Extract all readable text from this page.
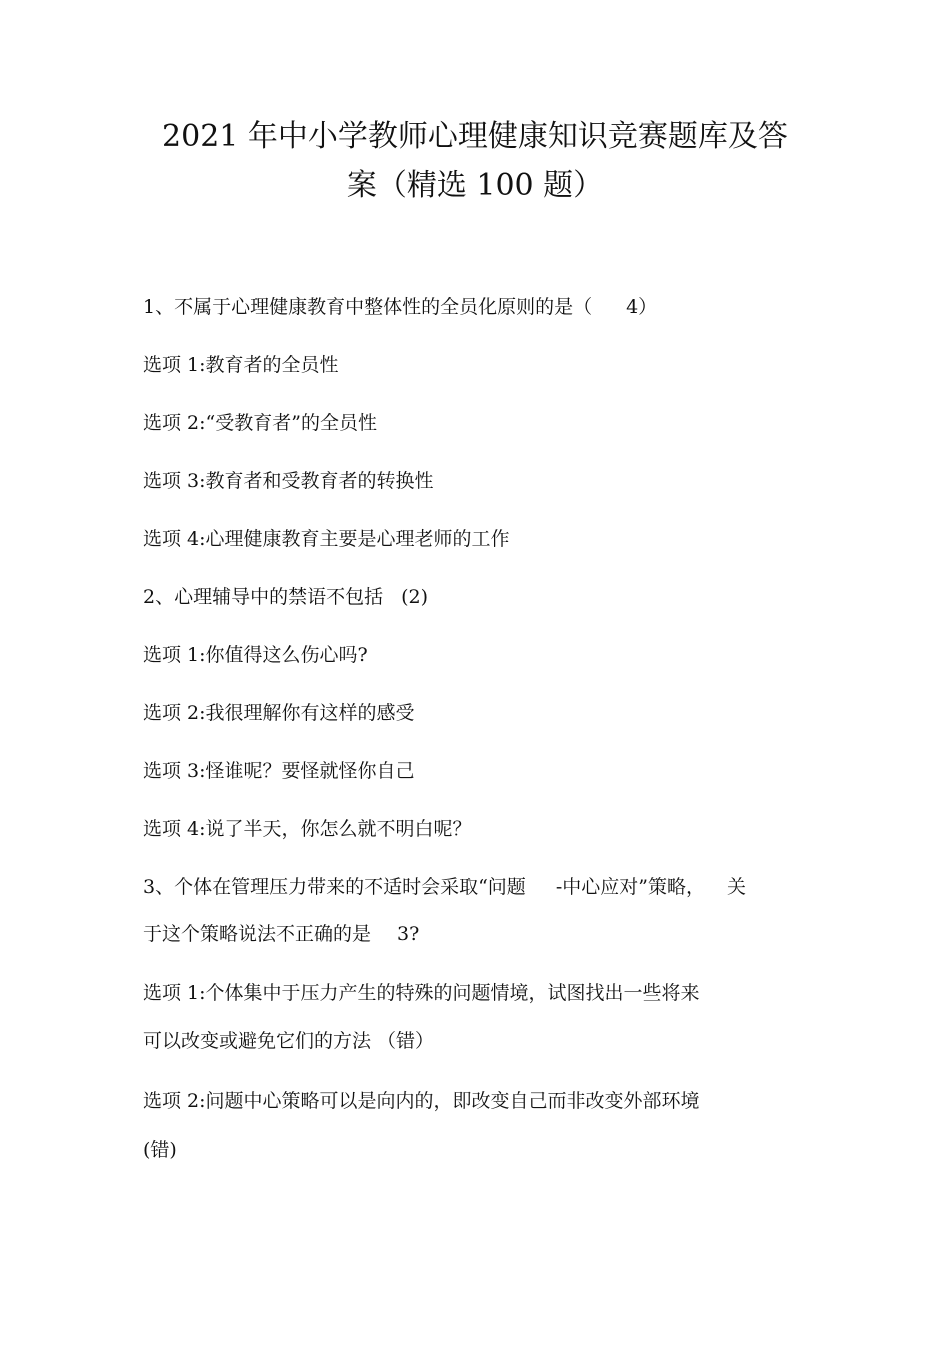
2021 年中小学教师心理健康知识竞赛题库及答
案（精选 100 题）
1、不属于心理健康教育中整体性的全员化原则的是（ 4）
选项 1:教育者的全员性
选项 2:“受教育者”的全员性
选项 3:教育者和受教育者的转换性
选项 4:心理健康教育主要是心理老师的工作
2、心理辅导中的禁语不包括 (2)
选项 1:你值得这么伤心吗?
选项 2:我很理解你有这样的感受
选项 3:怪谁呢？要怪就怪你自己
选项 4:说了半天，你怎么就不明白呢？
3、个体在管理压力带来的不适时会采取“问题 -中心应对”策略， 关
于这个策略说法不正确的是 3?
选项 1:个体集中于压力产生的特殊的问题情境，试图找出一些将来
可以改变或避免它们的方法 （错）
选项 2:问题中心策略可以是向内的，即改变自己而非改变外部环境
(错)
